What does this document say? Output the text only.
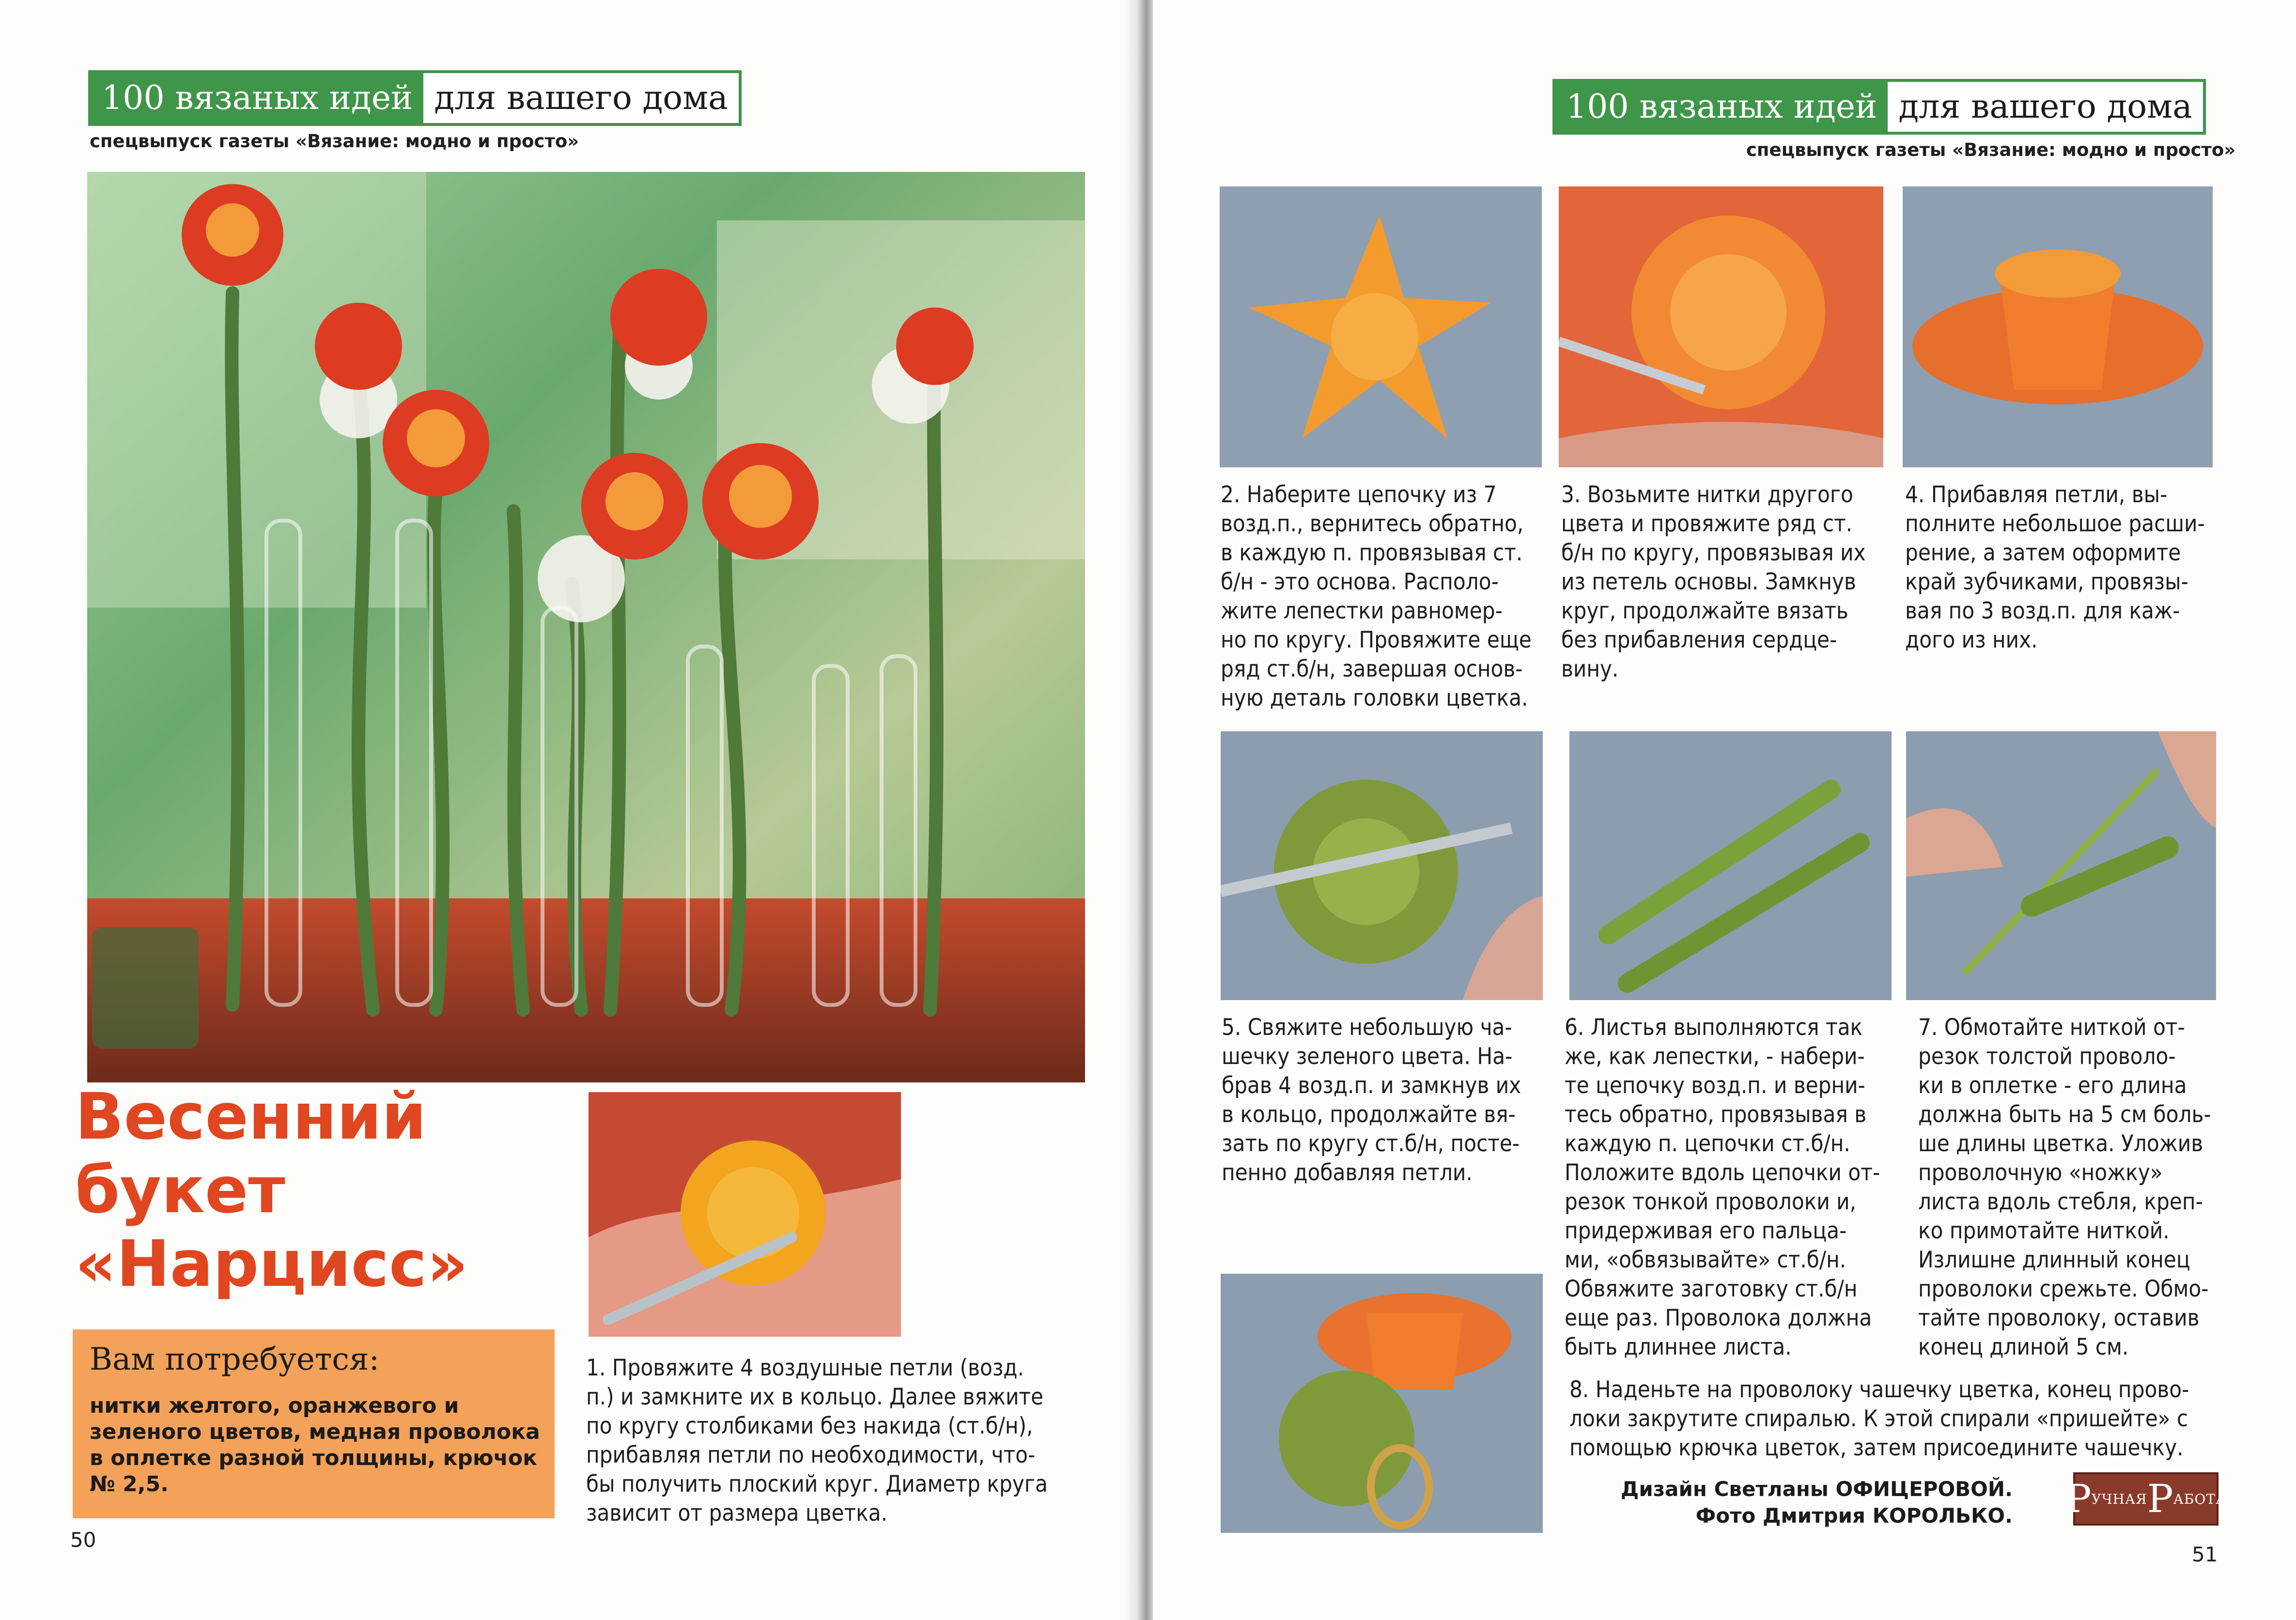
100 вязаных идей для вашего дома
спецвыпуск газеты «Вязание: модно и просто»
Весенний
букет
«Нарцисс»
Вам потребуется:
нитки желтого, оранжевого и
зеленого цветов, медная проволока
в оплетке разной толщины, крючок
№ 2,5.
1. Провяжите 4 воздушные петли (возд.
п.) и замкните их в кольцо. Далее вяжите
по кругу столбиками без накида (ст.б/н),
прибавляя петли по необходимости, что-
бы получить плоский круг. Диаметр круга
зависит от размера цветка.
50
100 вязаных идей для вашего дома
спецвыпуск газеты «Вязание: модно и просто»
2. Наберите цепочку из 7
возд.п., вернитесь обратно,
в каждую п. провязывая ст.
б/н - это основа. Располо-
жите лепестки равномер-
но по кругу. Провяжите еще
ряд ст.б/н, завершая основ-
ную деталь головки цветка.
3. Возьмите нитки другого
цвета и провяжите ряд ст.
б/н по кругу, провязывая их
из петель основы. Замкнув
круг, продолжайте вязать
без прибавления сердце-
вину.
4. Прибавляя петли, вы-
полните небольшое расши-
рение, а затем оформите
край зубчиками, провязы-
вая по 3 возд.п. для каж-
дого из них.
5. Свяжите небольшую ча-
шечку зеленого цвета. На-
брав 4 возд.п. и замкнув их
в кольцо, продолжайте вя-
зать по кругу ст.б/н, посте-
пенно добавляя петли.
6. Листья выполняются так
же, как лепестки, - набери-
те цепочку возд.п. и верни-
тесь обратно, провязывая в
каждую п. цепочки ст.б/н.
Положите вдоль цепочки от-
резок тонкой проволоки и,
придерживая его пальца-
ми, «обвязывайте» ст.б/н.
Обвяжите заготовку ст.б/н
еще раз. Проволока должна
быть длиннее листа.
7. Обмотайте ниткой от-
резок толстой проволо-
ки в оплетке - его длина
должна быть на 5 см боль-
ше длины цветка. Уложив
проволочную «ножку»
листа вдоль стебля, креп-
ко примотайте ниткой.
Излишне длинный конец
проволоки срежьте. Обмо-
тайте проволоку, оставив
конец длиной 5 см.
8. Наденьте на проволоку чашечку цветка, конец прово-
локи закрутите спиралью. К этой спирали «пришейте» с
помощью крючка цветок, затем присоедините чашечку.
Дизайн Светланы ОФИЦЕРОВОЙ.
Фото Дмитрия КОРОЛЬКО. Р УЧНАЯ Р АБОТА
51
